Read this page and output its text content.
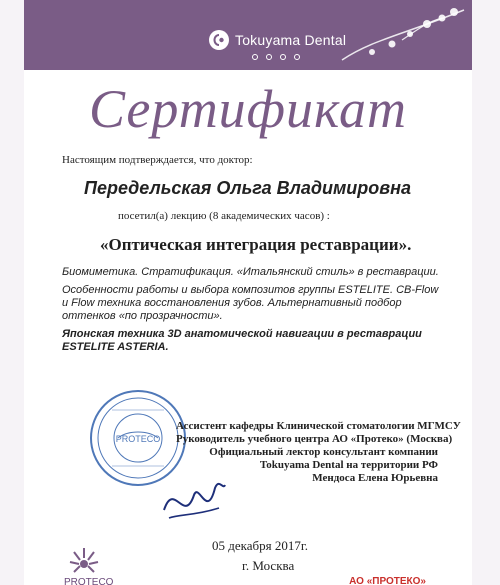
Tokuyama Dental
Сертификат
Настоящим подтверждается, что доктор:
Передельская Ольга Владимировна
посетил(а) лекцию (8 академических часов) :
«Оптическая интеграция реставрации».

Биомиметика. Стратификация. «Итальянский стиль» в реставрации.

Особенности работы и выбора композитов группы ESTELITE. CB-Flow и Flow техника восстановления зубов. Альтернативный подбор оттенков «по прозрачности».

Японская техника 3D анатомической навигации в реставрации ESTELITE ASTERIA.

PROTECO
Ассистент кафедры Клинической стоматологии МГМСУ
Руководитель учебного центра АО «Протеко» (Москва)
Официальный лектор консультант компании
Tokuyama Dental на территории РФ
Мендоса Елена Юрьевна
05 декабря 2017г.
г. Москва
PROTECO	АО «ПРОТЕКО»
